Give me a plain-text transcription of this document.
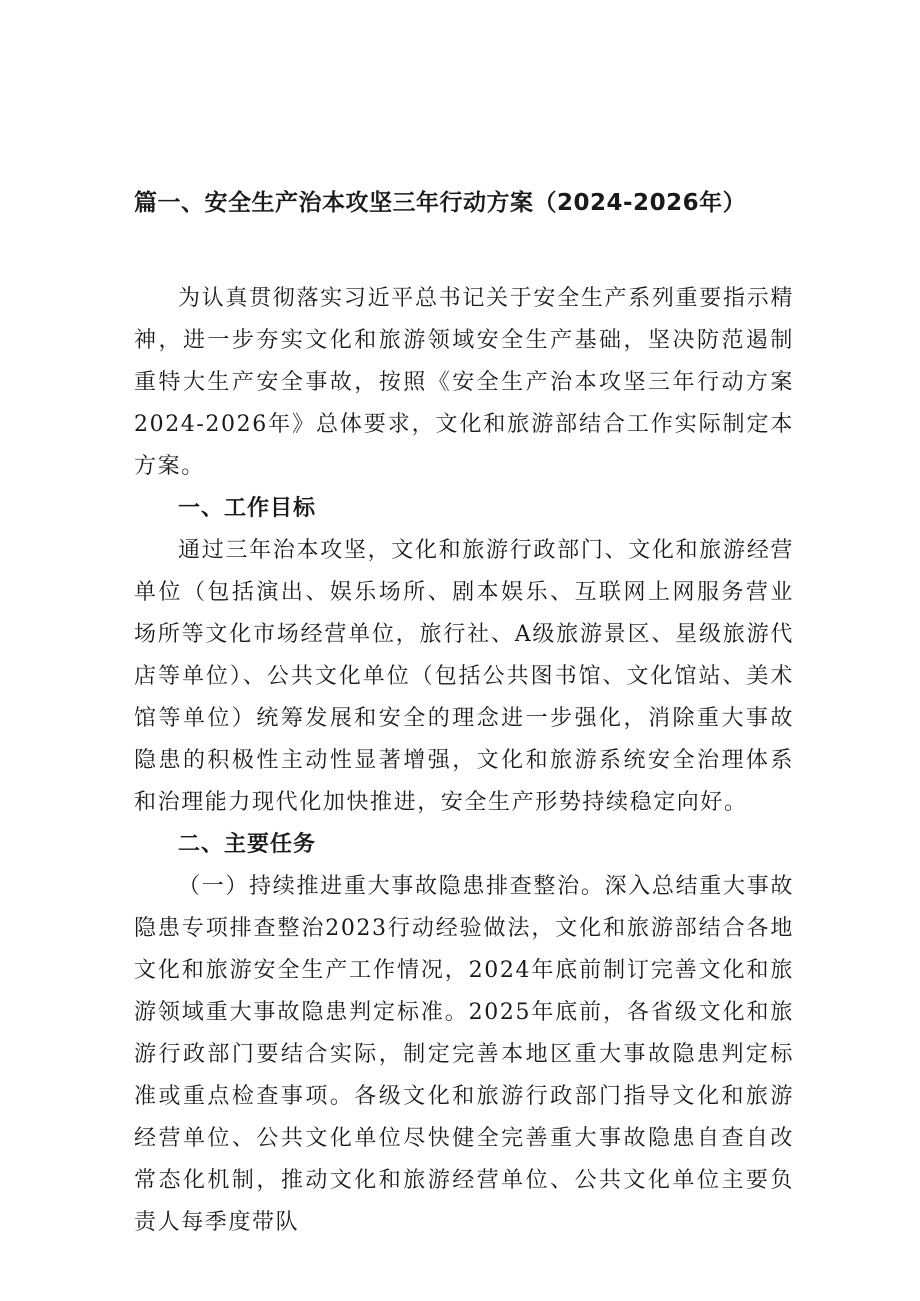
篇一、安全生产治本攻坚三年行动方案（2024-2026年）

为认真贯彻落实习近平总书记关于安全生产系列重要指示精神，进一步夯实文化和旅游领域安全生产基础，坚决防范遏制重特大生产安全事故，按照《安全生产治本攻坚三年行动方案2024-2026年》总体要求，文化和旅游部结合工作实际制定本方案。

一、工作目标

通过三年治本攻坚，文化和旅游行政部门、文化和旅游经营单位（包括演出、娱乐场所、剧本娱乐、互联网上网服务营业场所等文化市场经营单位，旅行社、A级旅游景区、星级旅游代店等单位）、公共文化单位（包括公共图书馆、文化馆站、美术馆等单位）统筹发展和安全的理念进一步强化，消除重大事故隐患的积极性主动性显著增强，文化和旅游系统安全治理体系和治理能力现代化加快推进，安全生产形势持续稳定向好。

二、主要任务

（一）持续推进重大事故隐患排查整治。深入总结重大事故隐患专项排查整治2023行动经验做法，文化和旅游部结合各地文化和旅游安全生产工作情况，2024年底前制订完善文化和旅游领域重大事故隐患判定标准。2025年底前，各省级文化和旅游行政部门要结合实际，制定完善本地区重大事故隐患判定标准或重点检查事项。各级文化和旅游行政部门指导文化和旅游经营单位、公共文化单位尽快健全完善重大事故隐患自查自改常态化机制，推动文化和旅游经营单位、公共文化单位主要负责人每季度带队
